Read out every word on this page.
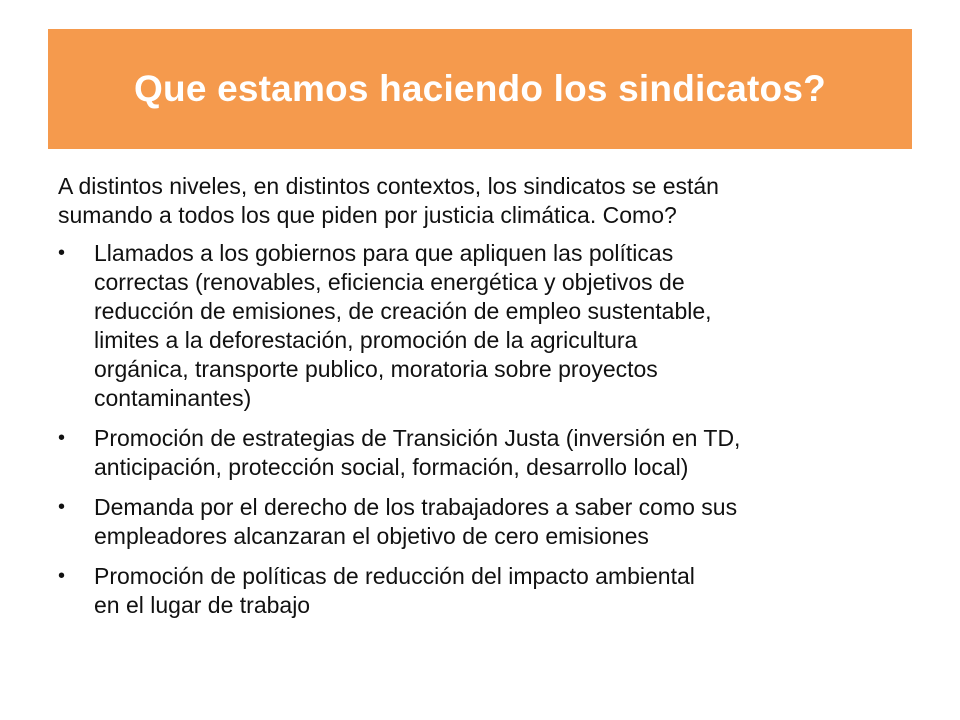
Que estamos haciendo los sindicatos?

A distintos niveles, en distintos contextos, los sindicatos se están
sumando a todos los que piden por justicia climática. Como?

•	Llamados a los gobiernos para que apliquen las políticas
correctas (renovables, eficiencia energética y objetivos de
reducción de emisiones, de creación de empleo sustentable,
limites a la deforestación, promoción de la agricultura
orgánica, transporte publico, moratoria sobre proyectos
contaminantes)
•	Promoción de estrategias de Transición Justa (inversión en TD,
anticipación, protección social, formación, desarrollo local)
•	Demanda por el derecho de los trabajadores a saber como sus
empleadores alcanzaran el objetivo de cero emisiones
•	Promoción de políticas de reducción del impacto ambiental
en el lugar de trabajo
